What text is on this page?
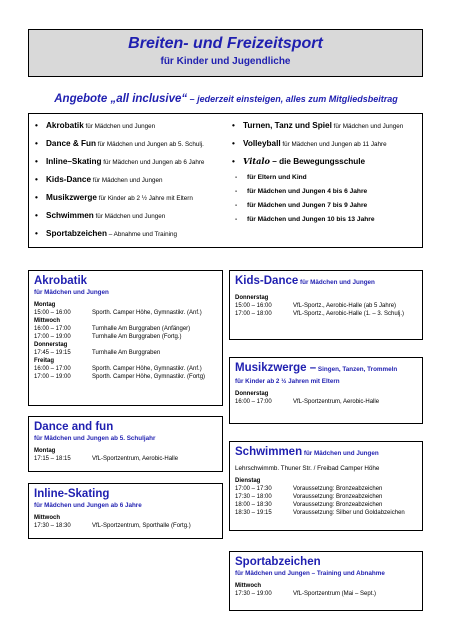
Breiten- und Freizeitsport
für Kinder und Jugendliche
Angebote „all inclusive“ – jederzeit einsteigen, alles zum Mitgliedsbeitrag
• Akrobatik für Mädchen und Jungen
• Dance & Fun für Mädchen und Jungen ab 5. Schulj.
• Inline–Skating für Mädchen und Jungen ab 6 Jahre
• Kids-Dance für Mädchen und Jungen
• Musikzwerge für Kinder ab 2 ½ Jahre mit Eltern
• Schwimmen für Mädchen und Jungen
• Sportabzeichen – Abnahme und Training
• Turnen, Tanz und Spiel für Mädchen und Jungen
• Volleyball für Mädchen und Jungen ab 11 Jahre
• Vitalo – die Bewegungsschule
- für Eltern und Kind
- für Mädchen und Jungen 4 bis 6 Jahre
- für Mädchen und Jungen 7 bis 9 Jahre
- für Mädchen und Jungen 10 bis 13 Jahre
Akrobatik
für Mädchen und Jungen
Montag
15:00 – 16:00	Sporth. Camper Höhe, Gymnastikr. (Anf.)
Mittwoch
16:00 – 17:00	Turnhalle Am Burggraben (Anfänger)
17:00 – 19:00	Turnhalle Am Burggraben (Fortg.)
Donnerstag
17:45 – 19:15	Turnhalle Am Burggraben
Freitag
16:00 – 17:00	Sporth. Camper Höhe, Gymnastikr. (Anf.)
17:00 – 19:00	Sporth. Camper Höhe, Gymnastikr. (Fortg)
Dance and fun
für Mädchen und Jungen ab 5. Schuljahr
Montag
17:15 – 18:15	VfL-Sportzentrum, Aerobic-Halle
Inline-Skating
für Mädchen und Jungen ab 6 Jahre
Mittwoch
17:30 – 18:30	VfL-Sportzentrum, Sporthalle (Fortg.)
Kids-Dance für Mädchen und Jungen
Donnerstag
15:00 – 16:00	VfL-Sportz., Aerobic-Halle (ab 5 Jahre)
17:00 – 18:00	VfL-Sportz., Aerobic-Halle (1. – 3. Schulj.)
Musikzwerge – Singen, Tanzen, Trommeln
für Kinder ab 2 ½ Jahren mit Eltern
Donnerstag
16:00 – 17:00	VfL-Sportzentrum, Aerobic-Halle
Schwimmen für Mädchen und Jungen
Lehrschwimmb. Thuner Str. / Freibad Camper Höhe
Dienstag
17:00 – 17:30	Voraussetzung: Bronzeabzeichen
17:30 – 18:00	Voraussetzung: Bronzeabzeichen
18:00 – 18:30	Voraussetzung: Bronzeabzeichen
18:30 – 19:15	Voraussetzung: Silber und Goldabzeichen
Sportabzeichen
für Mädchen und Jungen – Training und Abnahme
Mittwoch
17:30 – 19:00	VfL-Sportzentrum (Mai – Sept.)
